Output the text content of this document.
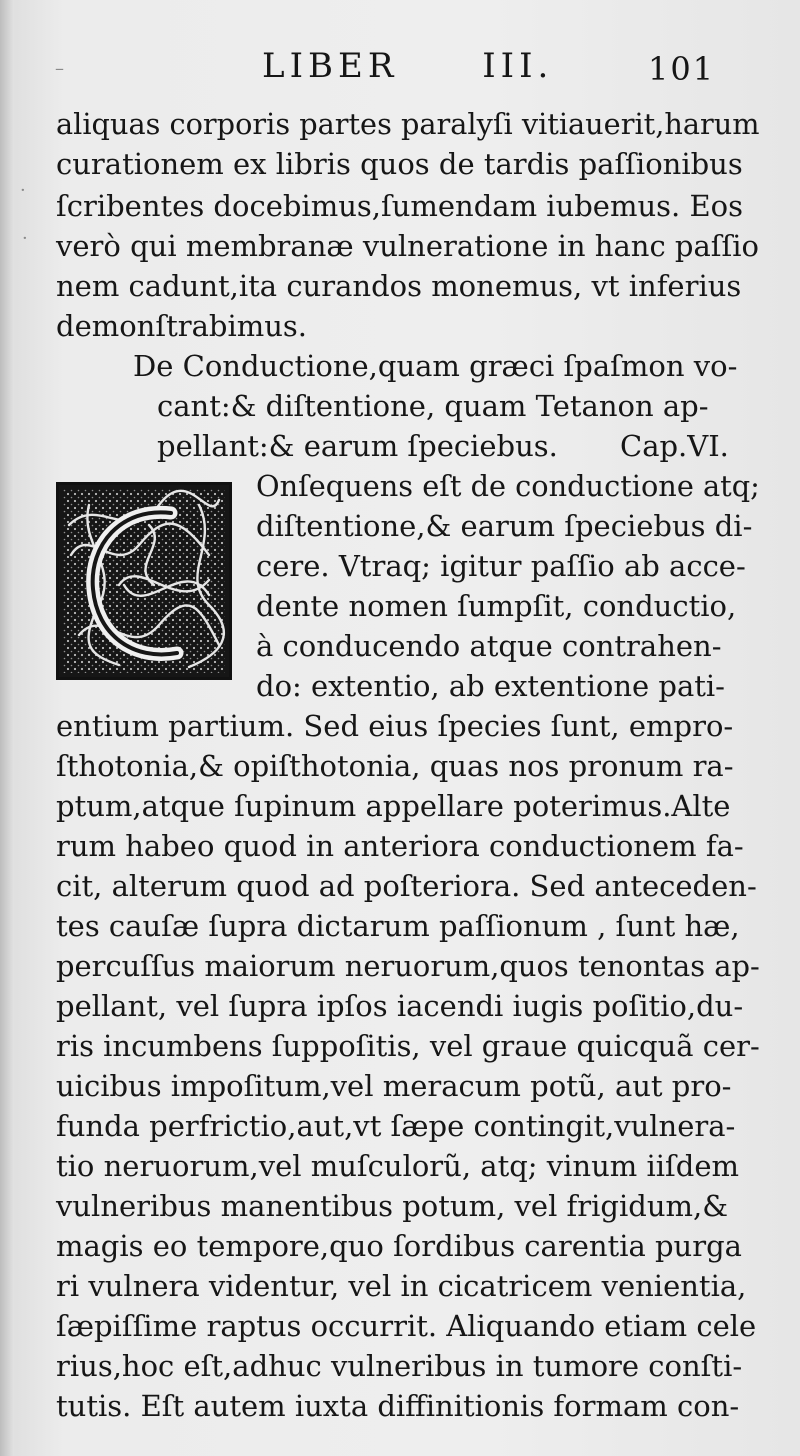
–
·
·
LIBER III.	101
aliquas corporis partes paralyſi vitiauerit,harum
curationem ex libris quos de tardis paſſionibus
ſcribentes docebimus,ſumendam iubemus. Eos
verò qui membranæ vulneratione in hanc paſſio
nem cadunt,ita curandos monemus, vt inferius
demonſtrabimus.
De Conductione,quam græci ſpaſmon vo-
cant:& diſtentione, quam Tetanon ap-
pellant:& earum ſpeciebus. Cap.VI.
Onſequens eſt de conductione atq;
diſtentione,& earum ſpeciebus di-
cere. Vtraq; igitur paſſio ab acce-
dente nomen ſumpſit, conductio,
à conducendo atque contrahen-
do: extentio, ab extentione pati-
entium partium. Sed eius ſpecies ſunt, empro-
ſthotonia,& opiſthotonia, quas nos pronum ra-
ptum,atque ſupinum appellare poterimus.Alte
rum habeo quod in anteriora conductionem fa-
cit, alterum quod ad poſteriora. Sed anteceden-
tes cauſæ ſupra dictarum paſſionum , ſunt hæ,
percuſſus maiorum neruorum,quos tenontas ap-
pellant, vel ſupra ipſos iacendi iugis poſitio,du-
ris incumbens ſuppoſitis, vel graue quicquã cer-
uicibus impoſitum,vel meracum potũ, aut pro-
funda perfrictio,aut,vt ſæpe contingit,vulnera-
tio neruorum,vel muſculorũ, atq; vinum iiſdem
vulneribus manentibus potum, vel frigidum,&
magis eo tempore,quo ſordibus carentia purga
ri vulnera videntur, vel in cicatricem venientia,
ſæpiſſime raptus occurrit. Aliquando etiam cele
rius,hoc eſt,adhuc vulneribus in tumore conſti-
tutis. Eſt autem iuxta diffinitionis formam con-
